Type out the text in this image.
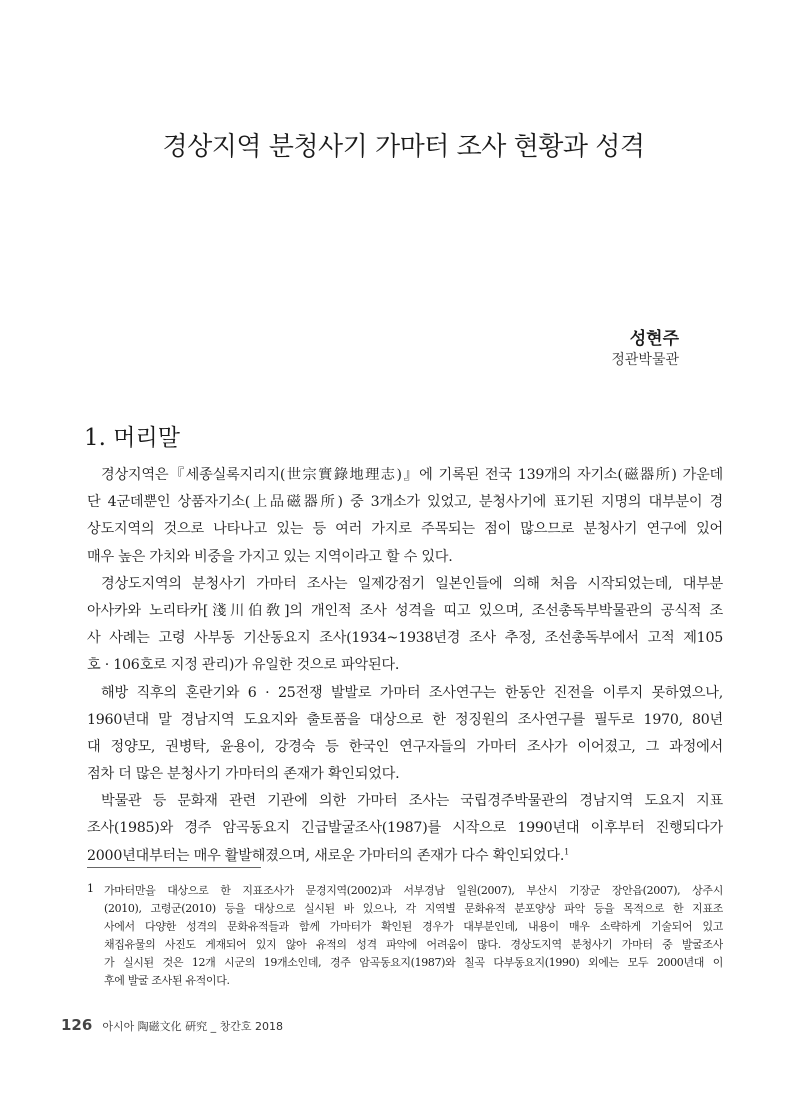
경상지역 분청사기 가마터 조사 현황과 성격
성현주
정관박물관
1. 머리말
경상지역은『세종실록지리지(世宗實錄地理志)』에 기록된 전국 139개의 자기소(磁器所) 가운데
단 4군데뿐인 상품자기소(上品磁器所) 중 3개소가 있었고, 분청사기에 표기된 지명의 대부분이 경
상도지역의 것으로 나타나고 있는 등 여러 가지로 주목되는 점이 많으므로 분청사기 연구에 있어
매우 높은 가치와 비중을 가지고 있는 지역이라고 할 수 있다.
경상도지역의 분청사기 가마터 조사는 일제강점기 일본인들에 의해 처음 시작되었는데, 대부분
아사카와 노리타카[淺川伯敎]의 개인적 조사 성격을 띠고 있으며, 조선총독부박물관의 공식적 조
사 사례는 고령 사부동 기산동요지 조사(1934~1938년경 조사 추정, 조선총독부에서 고적 제105
호 · 106호로 지정 관리)가 유일한 것으로 파악된다.
해방 직후의 혼란기와 6 · 25전쟁 발발로 가마터 조사연구는 한동안 진전을 이루지 못하였으나,
1960년대 말 경남지역 도요지와 출토품을 대상으로 한 정징원의 조사연구를 필두로 1970, 80년
대 정양모, 권병탁, 윤용이, 강경숙 등 한국인 연구자들의 가마터 조사가 이어졌고, 그 과정에서
점차 더 많은 분청사기 가마터의 존재가 확인되었다.
박물관 등 문화재 관련 기관에 의한 가마터 조사는 국립경주박물관의 경남지역 도요지 지표
조사(1985)와 경주 암곡동요지 긴급발굴조사(1987)를 시작으로 1990년대 이후부터 진행되다가
2000년대부터는 매우 활발해졌으며, 새로운 가마터의 존재가 다수 확인되었다.$^1$
1 가마터만을 대상으로 한 지표조사가 문경지역(2002)과 서부경남 일원(2007), 부산시 기장군 장안읍(2007), 상주시
(2010), 고령군(2010) 등을 대상으로 실시된 바 있으나, 각 지역별 문화유적 분포양상 파악 등을 목적으로 한 지표조
사에서 다양한 성격의 문화유적들과 함께 가마터가 확인된 경우가 대부분인데, 내용이 매우 소략하게 기술되어 있고
채집유물의 사진도 게재되어 있지 않아 유적의 성격 파악에 어려움이 많다. 경상도지역 분청사기 가마터 중 발굴조사
가 실시된 것은 12개 시군의 19개소인데, 경주 암곡동요지(1987)와 칠곡 다부동요지(1990) 외에는 모두 2000년대 이
후에 발굴 조사된 유적이다.
126 아시아 陶磁文化 硏究 _ 창간호 2018
